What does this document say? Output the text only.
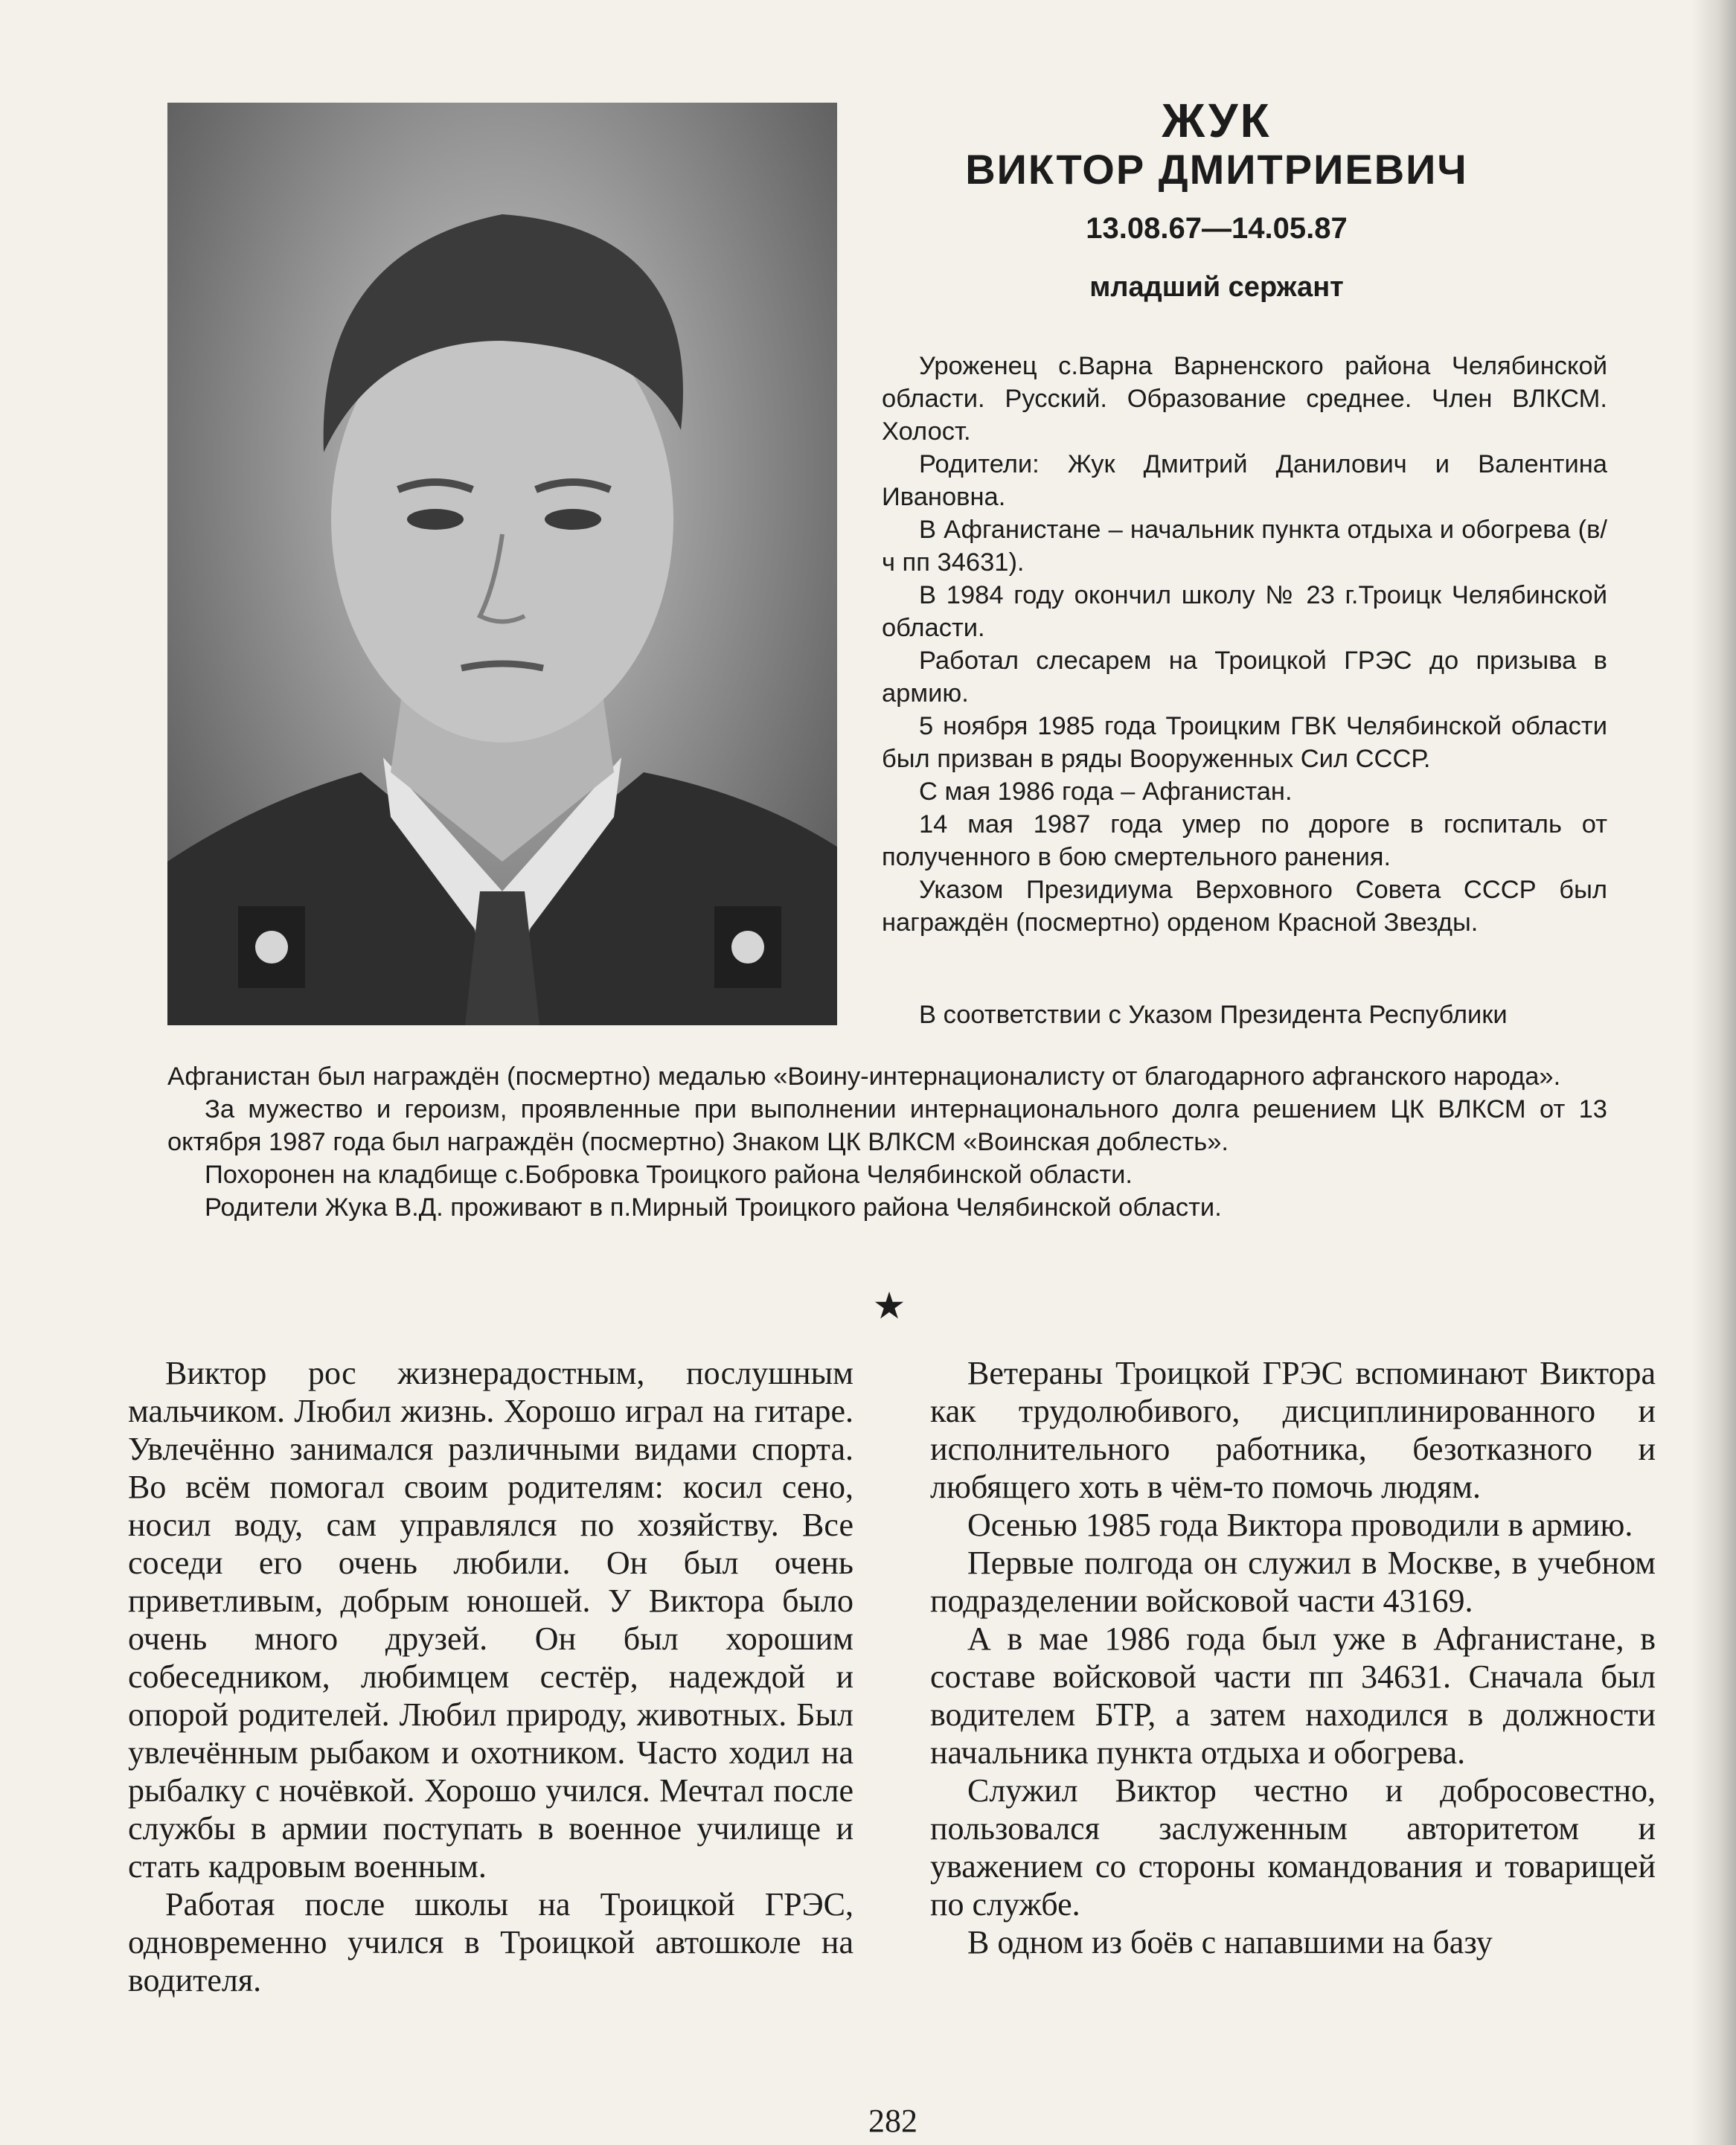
ЖУК
ВИКТОР ДМИТРИЕВИЧ
13.08.67—14.05.87
младший сержант

Уроженец с.Варна Варненского района Челябинской области. Русский. Образование среднее. Член ВЛКСМ. Холост.

Родители: Жук Дмитрий Данилович и Валентина Ивановна.

В Афганистане – начальник пункта отдыха и обогрева (в/ч пп 34631).

В 1984 году окончил школу № 23 г.Троицк Челябинской области.

Работал слесарем на Троицкой ГРЭС до призыва в армию.

5 ноября 1985 года Троицким ГВК Челябинской области был призван в ряды Вооруженных Сил СССР.

С мая 1986 года – Афганистан.

14 мая 1987 года умер по дороге в госпиталь от полученного в бою смертельного ранения.

Указом Президиума Верховного Совета СССР был награждён (посмертно) орденом Красной Звезды.

В соответствии с Указом Президента Республики

Афганистан был награждён (посмертно) медалью «Воину-интернационалисту от благодарного афганского народа».

За мужество и героизм, проявленные при выполнении интернационального долга решением ЦК ВЛКСМ от 13 октября 1987 года был награждён (посмертно) Знаком ЦК ВЛКСМ «Воинская доблесть».

Похоронен на кладбище с.Бобровка Троицкого района Челябинской области.

Родители Жука В.Д. проживают в п.Мирный Троицкого района Челябинской области.

★

Виктор рос жизнерадостным, послушным мальчиком. Любил жизнь. Хорошо играл на гитаре. Увлечённо занимался различными видами спорта. Во всём помогал своим родителям: косил сено, носил воду, сам управлялся по хозяйству. Все соседи его очень любили. Он был очень приветливым, добрым юношей. У Виктора было очень много друзей. Он был хорошим собеседником, любимцем сестёр, надеждой и опорой родителей. Любил природу, животных. Был увлечённым рыбаком и охотником. Часто ходил на рыбалку с ночёвкой. Хорошо учился. Мечтал после службы в армии поступать в военное училище и стать кадровым военным.

Работая после школы на Троицкой ГРЭС, одновременно учился в Троицкой автошколе на водителя.

Ветераны Троицкой ГРЭС вспоминают Виктора как трудолюбивого, дисциплинированного и исполнительного работника, безотказного и любящего хоть в чём-то помочь людям.

Осенью 1985 года Виктора проводили в армию.

Первые полгода он служил в Москве, в учебном подразделении войсковой части 43169.

А в мае 1986 года был уже в Афганистане, в составе войсковой части пп 34631. Сначала был водителем БТР, а затем находился в должности начальника пункта отдыха и обогрева.

Служил Виктор честно и добросовестно, пользовался заслуженным авторитетом и уважением со стороны командования и товарищей по службе.

В одном из боёв с напавшими на базу

282
